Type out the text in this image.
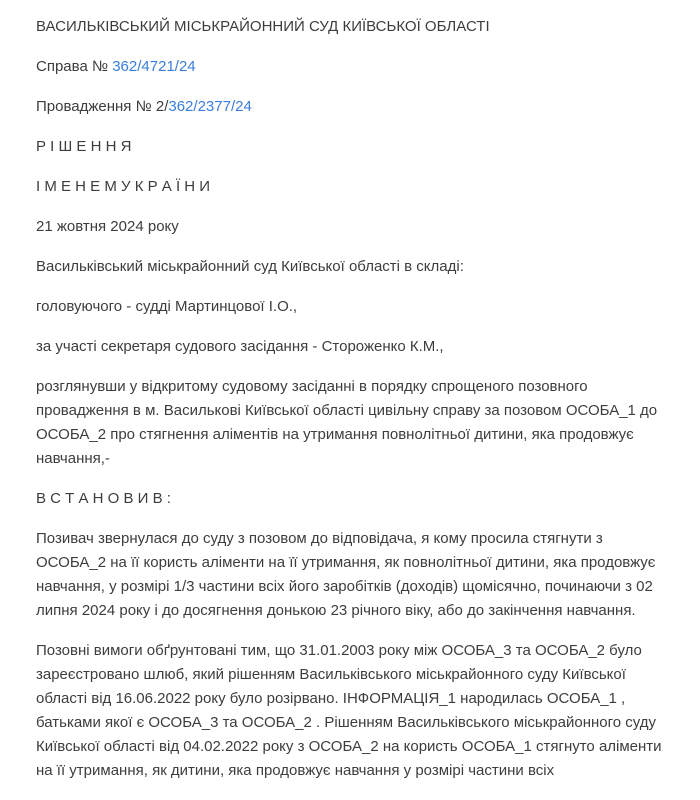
ВАСИЛЬКІВСЬКИЙ МІСЬКРАЙОННИЙ СУД КИЇВСЬКОЇ ОБЛАСТІ

Справа № 362/4721/24

Провадження № 2/362/2377/24

Р І Ш Е Н Н Я

І М Е Н Е М У К Р А Ї Н И

21 жовтня 2024 року

Васильківський міськрайонний суд Київської області в складі:

головуючого - судді Мартинцової І.О.,

за участі секретаря судового засідання - Стороженко К.М.,

розглянувши у відкритому судовому засіданні в порядку спрощеного позовного провадження в м. Василькові Київської області цивільну справу за позовом ОСОБА_1 до ОСОБА_2 про стягнення аліментів на утримання повнолітньої дитини, яка продовжує навчання,-

В С Т А Н О В И В :

Позивач звернулася до суду з позовом до відповідача, я кому просила стягнути з ОСОБА_2 на її користь аліменти на її утримання, як повнолітньої дитини, яка продовжує навчання, у розмірі 1/3 частини всіх його заробітків (доходів) щомісячно, починаючи з 02 липня 2024 року і до досягнення донькою 23 річного віку, або до закінчення навчання.

Позовні вимоги обґрунтовані тим, що 31.01.2003 року між ОСОБА_3 та ОСОБА_2 було зареєстровано шлюб, який рішенням Васильківського міськрайонного суду Київської області від 16.06.2022 року було розірвано. ІНФОРМАЦІЯ_1 народилась ОСОБА_1 , батьками якої є ОСОБА_3 та ОСОБА_2 . Рішенням Васильківського міськрайонного суду Київської області від 04.02.2022 року з ОСОБА_2 на користь ОСОБА_1 стягнуто аліменти на її утримання, як дитини, яка продовжує навчання у розмірі частини всіх
